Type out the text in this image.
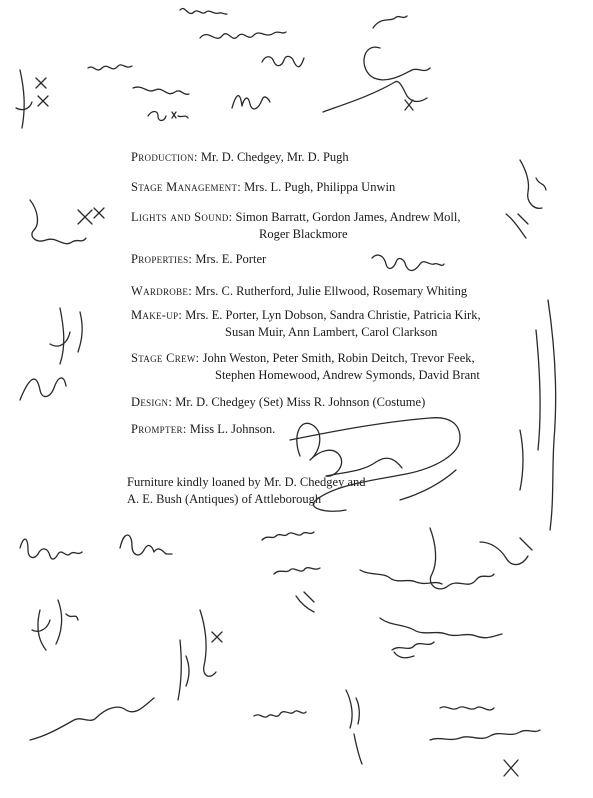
Production: Mr. D. Chedgey, Mr. D. Pugh
Stage Management: Mrs. L. Pugh, Philippa Unwin
Lights and Sound: Simon Barratt, Gordon James, Andrew Moll,
Roger Blackmore
Properties: Mrs. E. Porter
Wardrobe: Mrs. C. Rutherford, Julie Ellwood, Rosemary Whiting
Make-up: Mrs. E. Porter, Lyn Dobson, Sandra Christie, Patricia Kirk,
Susan Muir, Ann Lambert, Carol Clarkson
Stage Crew: John Weston, Peter Smith, Robin Deitch, Trevor Feek,
Stephen Homewood, Andrew Symonds, David Brant
Design: Mr. D. Chedgey (Set) Miss R. Johnson (Costume)
Prompter: Miss L. Johnson.
Furniture kindly loaned by Mr. D. Chedgey and
A. E. Bush (Antiques) of Attleborough
